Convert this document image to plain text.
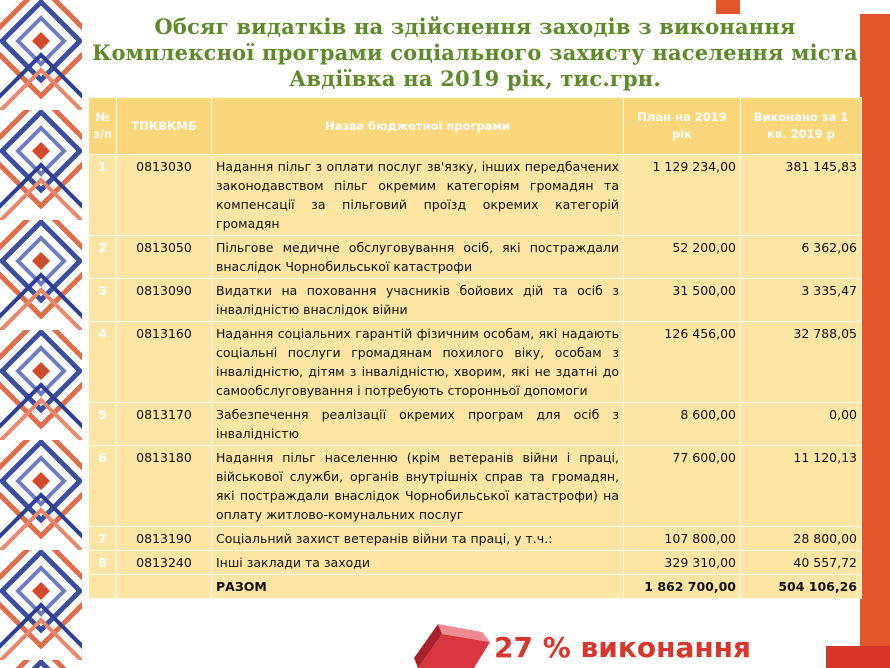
Обсяг видатків на здійснення заходів з виконання
Комплексної програми соціального захисту населення міста
Авдіївка на 2019 рік, тис.грн.
№ з/п	ТПКВКМБ	Назва бюджетної програми	План на 2019 рік	Виконано за 1 кв. 2019 р
1	0813030	Надання пільг з оплати послуг зв'язку, інших передбачених законодавством пільг окремим категоріям громадян та компенсації за пільговий проїзд окремих категорій громадян	1 129 234,00	381 145,83
2	0813050	Пільгове медичне обслуговування осіб, які постраждали внаслідок Чорнобильської катастрофи	52 200,00	6 362,06
3	0813090	Видатки на поховання учасників бойових дій та осіб з інвалідністю внаслідок війни	31 500,00	3 335,47
4	0813160	Надання соціальних гарантій фізичним особам, які надають соціальні послуги громадянам похилого віку, особам з інвалідністю, дітям з інвалідністю, хворим, які не здатні до самообслуговування і потребують сторонньої допомоги	126 456,00	32 788,05
5	0813170	Забезпечення реалізації окремих програм для осіб з інвалідністю	8 600,00	0,00
6	0813180	Надання пільг населенню (крім ветеранів війни і праці, військової служби, органів внутрішніх справ та громадян, які постраждали внаслідок Чорнобильської катастрофи) на оплату житлово-комунальних послуг	77 600,00	11 120,13
7	0813190	Соціальний захист ветеранів війни та праці, у т.ч.:	107 800,00	28 800,00
8	0813240	Інші заклади та заходи	329 310,00	40 557,72
		РАЗОМ	1 862 700,00	504 106,26
27 % виконання
